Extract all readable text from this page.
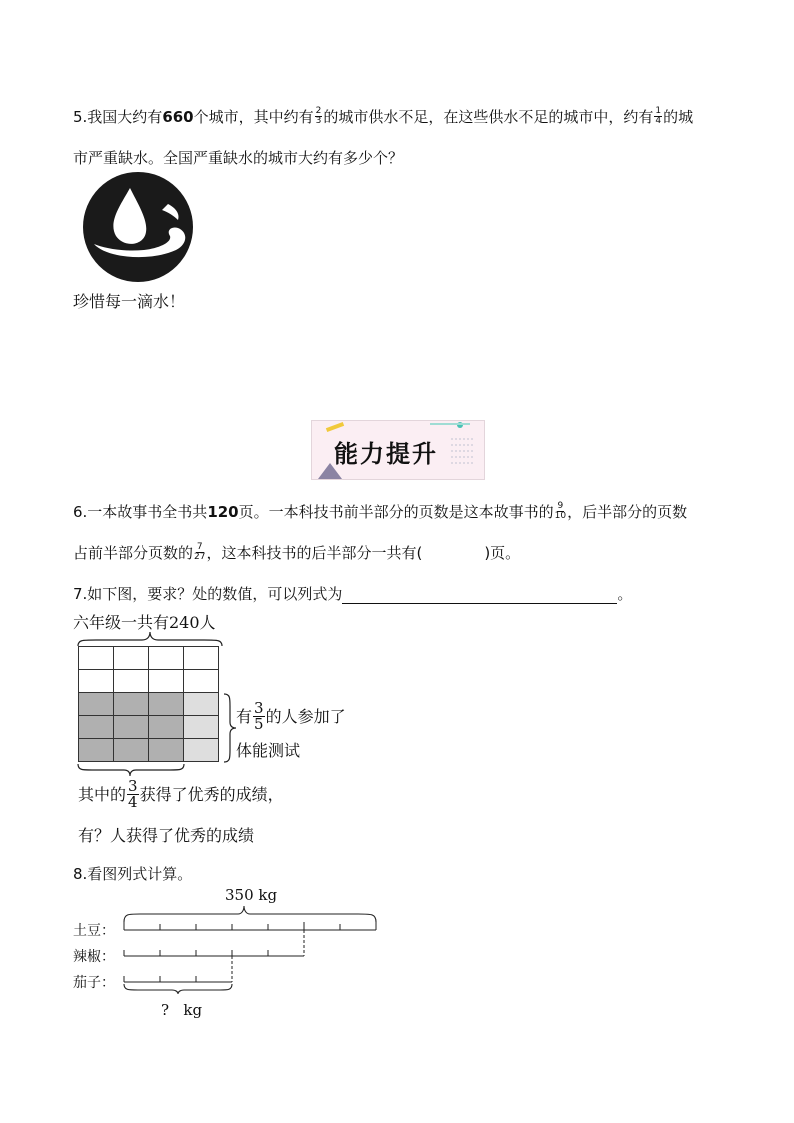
5.我国大约有660个城市，其中约有 $\frac{2}{3}$ 的城市供水不足，在这些供水不足的城市中，约有 $\frac{1}{4}$ 的城
市严重缺水。全国严重缺水的城市大约有多少个？
珍惜每一滴水！
能力提升
6.一本故事书全书共120页。一本科技书前半部分的页数是这本故事书的 $\frac{9}{10}$ ，后半部分的页数
占前半部分页数的 $\frac{7}{27}$ ，这本科技书的后半部分一共有(	)页。
7.如下图，要求？处的数值，可以列式为	。
六年级一共有240人

有 $\frac{3}{5}$ 的人参加了
体能测试
其中的 $\frac{3}{4}$ 获得了优秀的成绩，
有？人获得了优秀的成绩
8.看图列式计算。
350 kg
土豆：
辣椒：
茄子：
? kg
